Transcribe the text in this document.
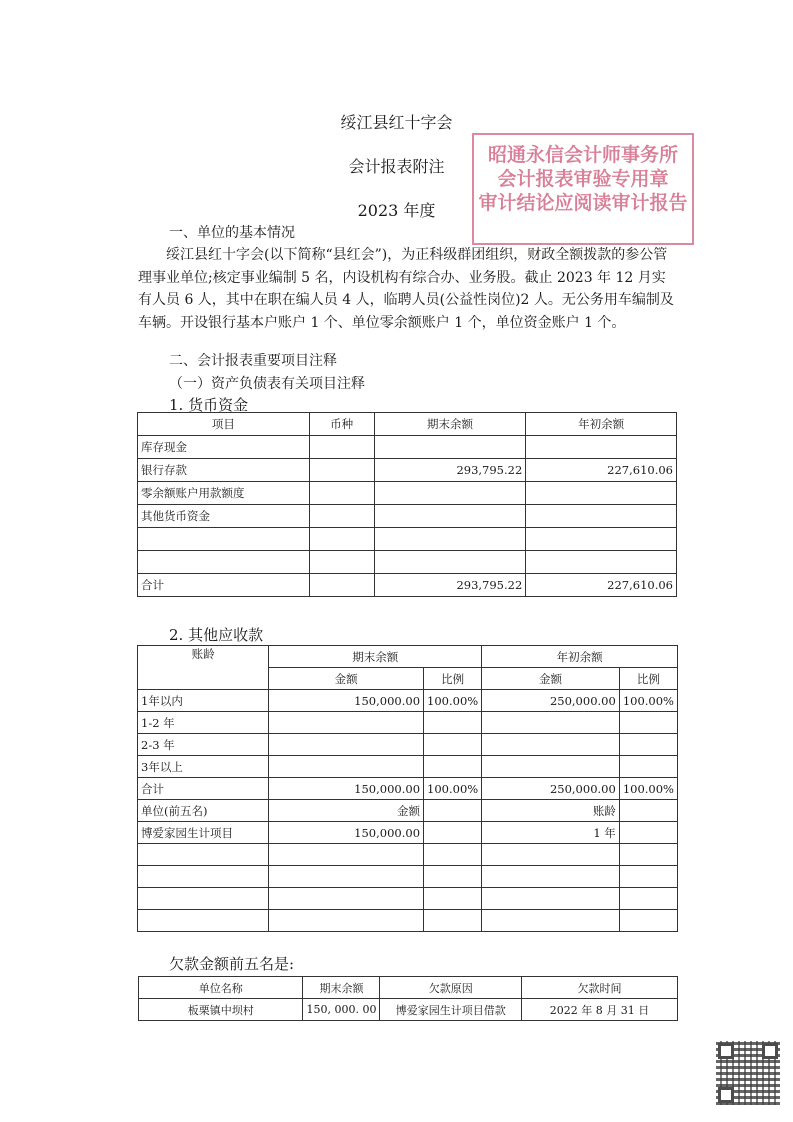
绥江县红十字会
会计报表附注
2023 年度
昭通永信会计师事务所
会计报表审验专用章
审计结论应阅读审计报告
一、单位的基本情况
绥江县红十字会(以下简称“县红会”)，为正科级群团组织，财政全额拨款的参公管理事业单位;核定事业编制 5 名，内设机构有综合办、业务股。截止 2023 年 12 月实有人员 6 人，其中在职在编人员 4 人，临聘人员(公益性岗位)2 人。无公务用车编制及车辆。开设银行基本户账户 1 个、单位零余额账户 1 个，单位资金账户 1 个。
二、会计报表重要项目注释
（一）资产负债表有关项目注释
1. 货币资金
项目	币种	期末余额	年初余额
库存现金			
银行存款		293,795.22	227,610.06
零余额账户用款额度			
其他货币资金			

合计		293,795.22	227,610.06
2. 其他应收款
账龄	期末余额		年初余额	
	金额	比例	金额	比例
1年以内	150,000.00	100.00%	250,000.00	100.00%
1-2 年				
2-3 年				
3年以上				
合计	150,000.00	100.00%	250,000.00	100.00%
单位(前五名)	金额		账龄	
博爱家园生计项目	150,000.00		1 年	

欠款金额前五名是:
单位名称	期末余额	欠款原因	欠款时间
板栗镇中坝村	150, 000. 00	博爱家园生计项目借款	2022 年 8 月 31 日
